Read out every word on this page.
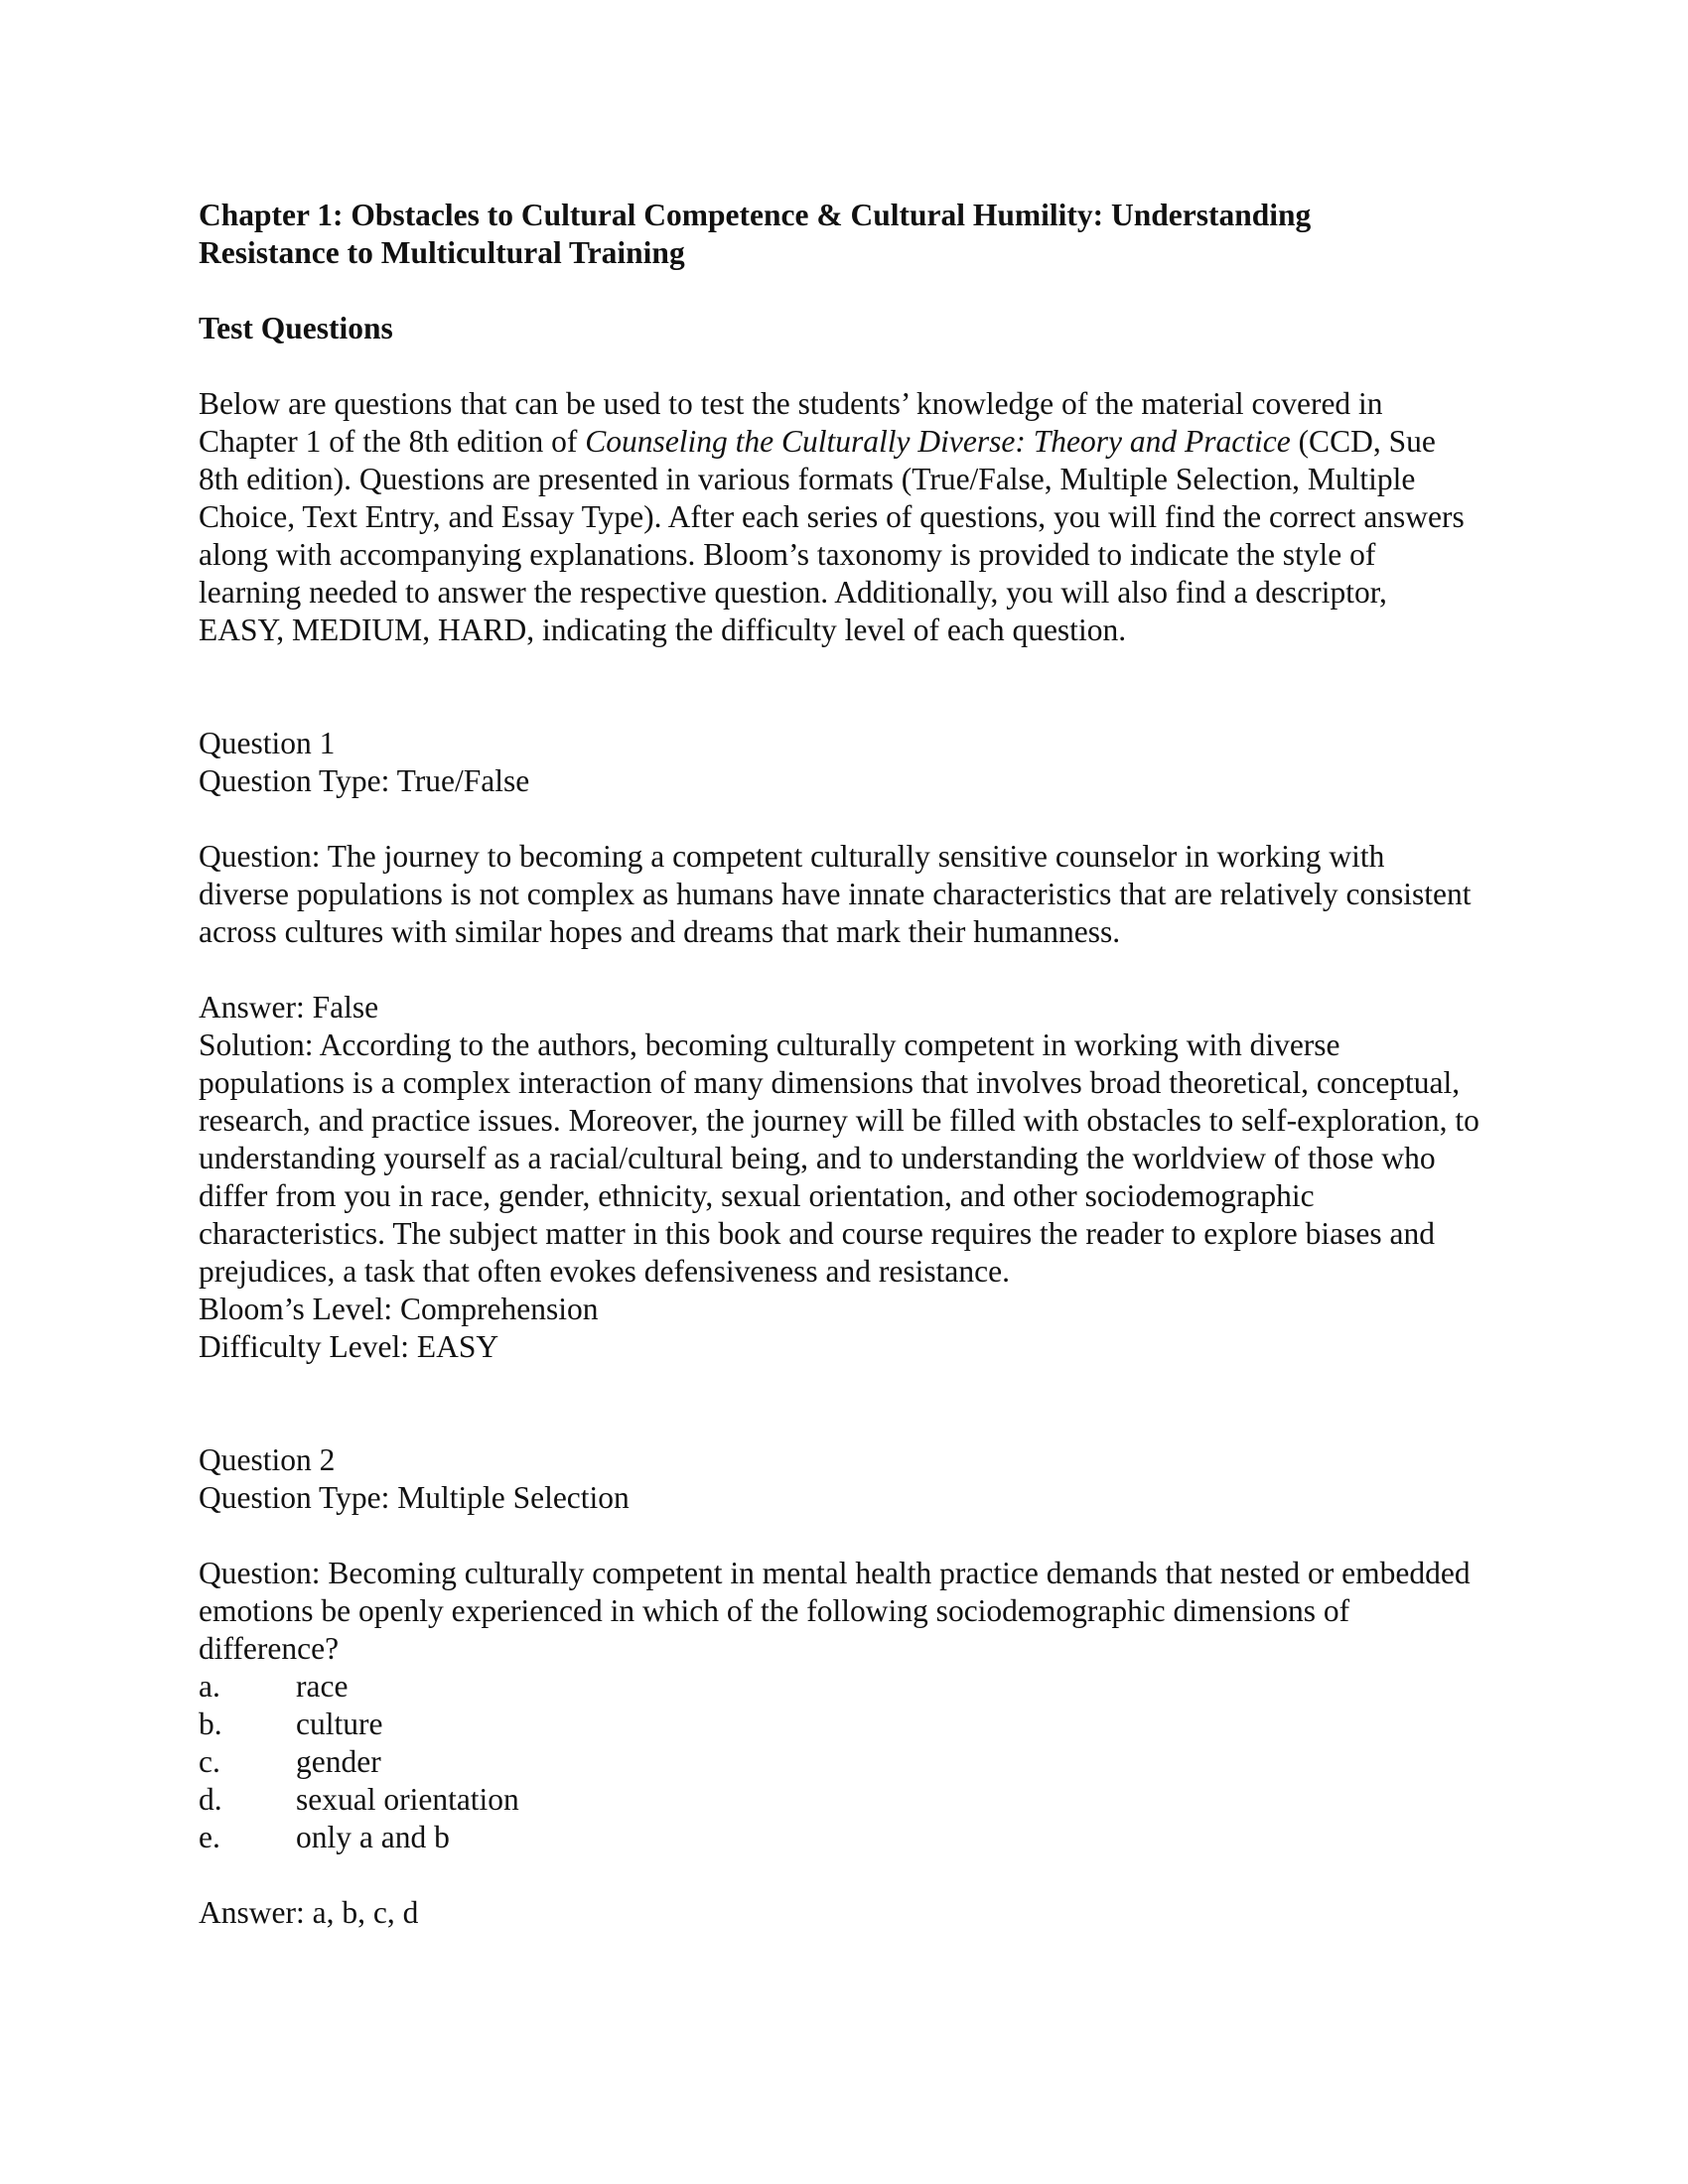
Chapter 1: Obstacles to Cultural Competence & Cultural Humility: Understanding Resistance to Multicultural Training

Test Questions

Below are questions that can be used to test the students’ knowledge of the material covered in Chapter 1 of the 8th edition of Counseling the Culturally Diverse: Theory and Practice (CCD, Sue 8th edition). Questions are presented in various formats (True/False, Multiple Selection, Multiple Choice, Text Entry, and Essay Type). After each series of questions, you will find the correct answers along with accompanying explanations. Bloom’s taxonomy is provided to indicate the style of learning needed to answer the respective question. Additionally, you will also find a descriptor, EASY, MEDIUM, HARD, indicating the difficulty level of each question.

Question 1
Question Type: True/False
Question: The journey to becoming a competent culturally sensitive counselor in working with diverse populations is not complex as humans have innate characteristics that are relatively consistent across cultures with similar hopes and dreams that mark their humanness.
Answer: False
Solution: According to the authors, becoming culturally competent in working with diverse populations is a complex interaction of many dimensions that involves broad theoretical, conceptual, research, and practice issues. Moreover, the journey will be filled with obstacles to self-exploration, to understanding yourself as a racial/cultural being, and to understanding the worldview of those who differ from you in race, gender, ethnicity, sexual orientation, and other sociodemographic characteristics. The subject matter in this book and course requires the reader to explore biases and prejudices, a task that often evokes defensiveness and resistance.
Bloom’s Level: Comprehension
Difficulty Level: EASY
Question 2
Question Type: Multiple Selection
Question: Becoming culturally competent in mental health practice demands that nested or embedded emotions be openly experienced in which of the following sociodemographic dimensions of difference?
a.	race
b.	culture
c.	gender
d.	sexual orientation
e.	only a and b
Answer: a, b, c, d
